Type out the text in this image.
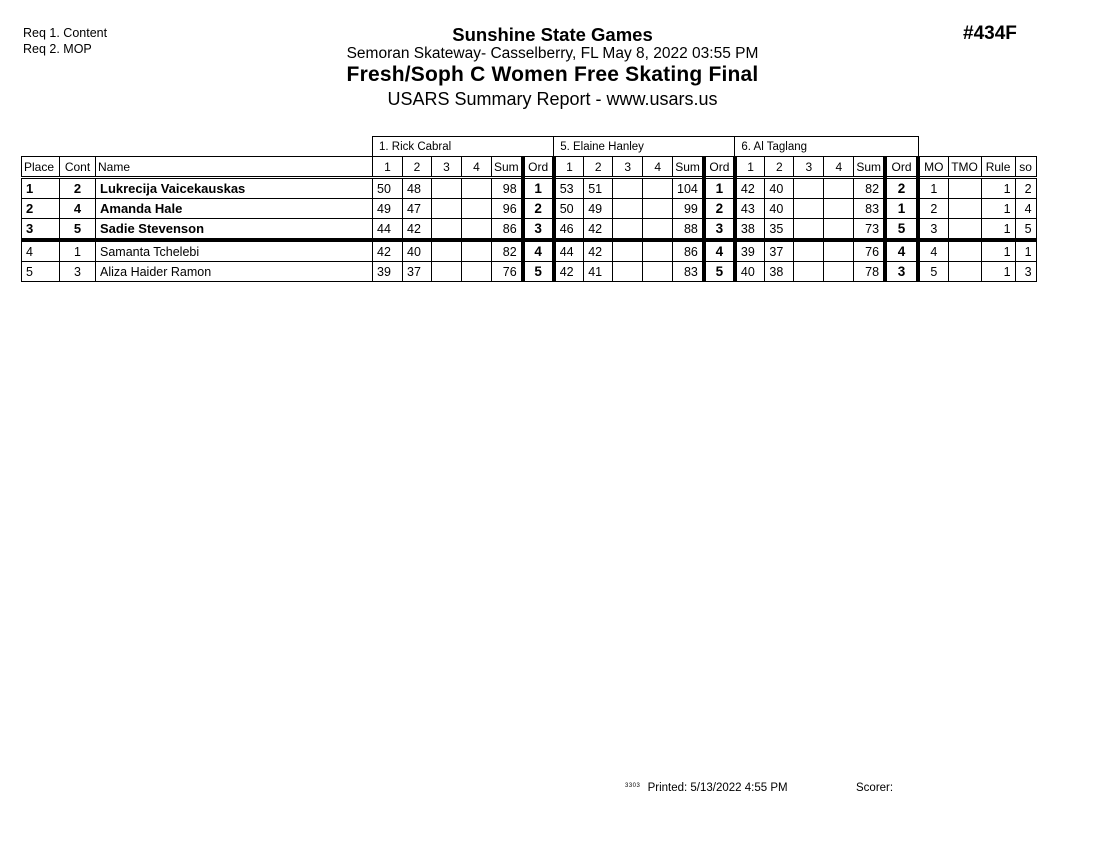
Req 1. Content
Req 2. MOP
Sunshine State Games
Semoran Skateway- Casselberry, FL May 8, 2022 03:55 PM
Fresh/Soph C Women Free Skating Final
USARS Summary Report - www.usars.us
#434F
			1. Rick Cabral						5. Elaine Hanley						6. Al Taglang									
Place	Cont	Name	1	2	3	4	Sum	Ord	1	2	3	4	Sum	Ord	1	2	3	4	Sum	Ord	MO	TMO	Rule	so
1	2	Lukrecija Vaicekauskas	50	48			98	1	53	51			104	1	42	40			82	2	1		1	2
2	4	Amanda Hale	49	47			96	2	50	49			99	2	43	40			83	1	2		1	4
3	5	Sadie Stevenson	44	42			86	3	46	42			88	3	38	35			73	5	3		1	5
4	1	Samanta Tchelebi	42	40			82	4	44	42			86	4	39	37			76	4	4		1	1
5	3	Aliza Haider Ramon	39	37			76	5	42	41			83	5	40	38			78	3	5		1	3
$^{3303}$ Printed: 5/13/2022 4:55 PM	Scorer:
